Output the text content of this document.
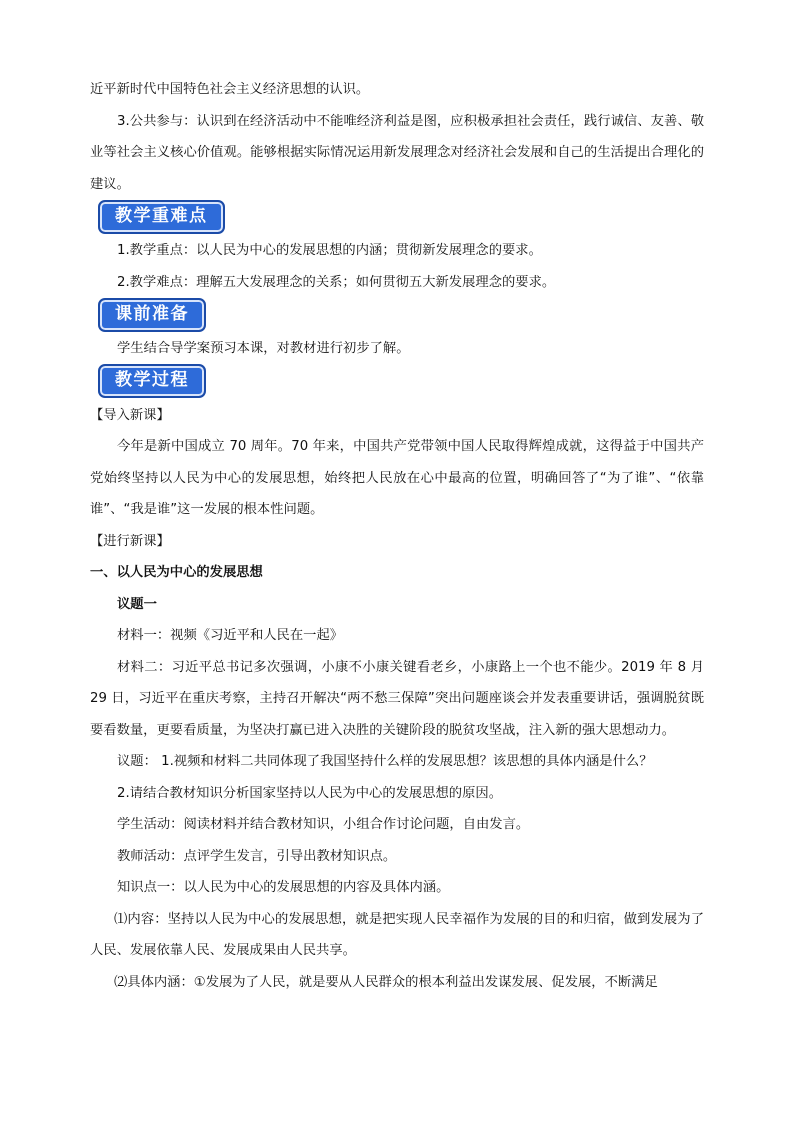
近平新时代中国特色社会主义经济思想的认识。

3.公共参与：认识到在经济活动中不能唯经济利益是图，应积极承担社会责任，践行诚信、友善、敬业等社会主义核心价值观。能够根据实际情况运用新发展理念对经济社会发展和自己的生活提出合理化的建议。

教学重难点

1.教学重点：以人民为中心的发展思想的内涵；贯彻新发展理念的要求。

2.教学难点：理解五大发展理念的关系；如何贯彻五大新发展理念的要求。

课前准备

学生结合导学案预习本课，对教材进行初步了解。

教学过程

【导入新课】

今年是新中国成立 70 周年。70 年来，中国共产党带领中国人民取得辉煌成就，这得益于中国共产党始终坚持以人民为中心的发展思想，始终把人民放在心中最高的位置，明确回答了“为了谁”、“依靠谁”、“我是谁”这一发展的根本性问题。

【进行新课】

一、以人民为中心的发展思想

议题一

材料一：视频《习近平和人民在一起》

材料二：习近平总书记多次强调，小康不小康关键看老乡，小康路上一个也不能少。2019 年 8 月 29 日，习近平在重庆考察，主持召开解决“两不愁三保障”突出问题座谈会并发表重要讲话，强调脱贫既要看数量，更要看质量，为坚决打赢已进入决胜的关键阶段的脱贫攻坚战，注入新的强大思想动力。

议题： 1.视频和材料二共同体现了我国坚持什么样的发展思想？该思想的具体内涵是什么？

2.请结合教材知识分析国家坚持以人民为中心的发展思想的原因。

学生活动：阅读材料并结合教材知识，小组合作讨论问题，自由发言。

教师活动：点评学生发言，引导出教材知识点。

知识点一：以人民为中心的发展思想的内容及具体内涵。

⑴内容：坚持以人民为中心的发展思想，就是把实现人民幸福作为发展的目的和归宿，做到发展为了人民、发展依靠人民、发展成果由人民共享。

⑵具体内涵：①发展为了人民，就是要从人民群众的根本利益出发谋发展、促发展，不断满足
